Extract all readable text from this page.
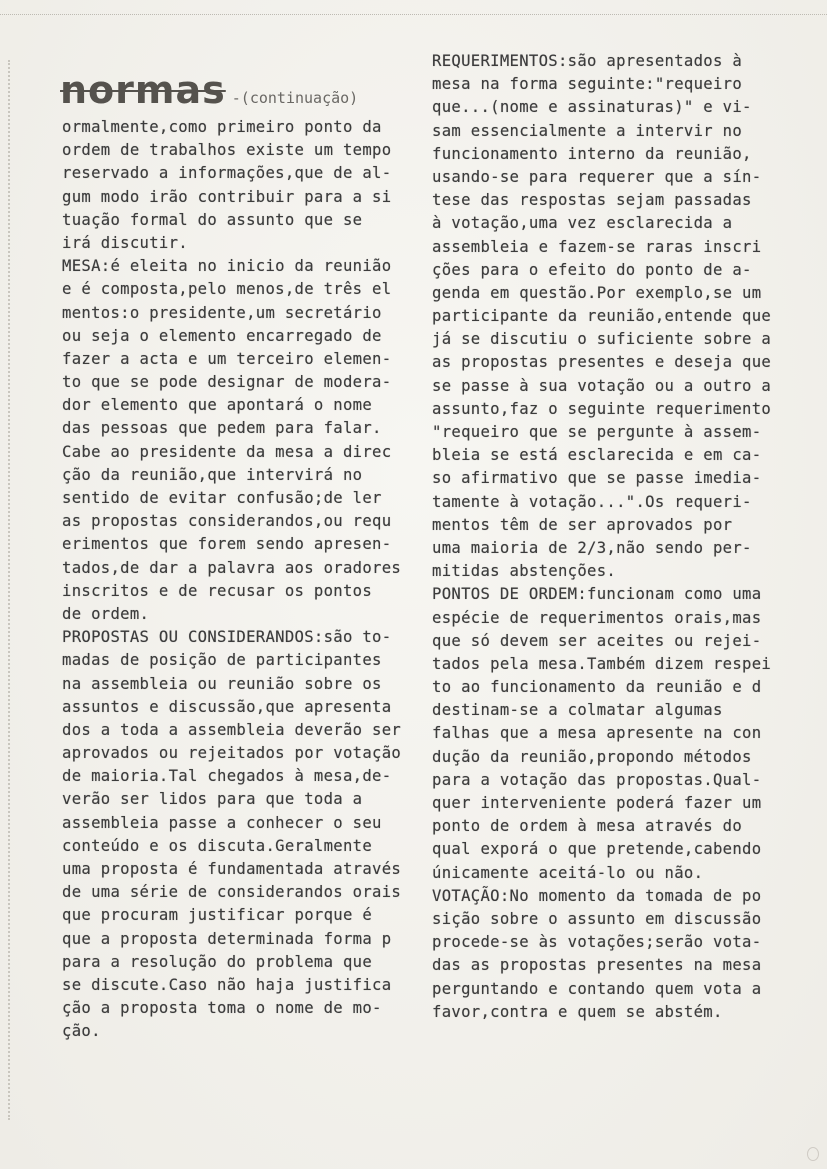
normas -(continuação)
ormalmente,como primeiro ponto da
ordem de trabalhos existe um tempo
reservado a informações,que de al-
gum modo irão contribuir para a si
tuação formal do assunto que se
irá discutir.
MESA:é eleita no inicio da reunião
e é composta,pelo menos,de três el
mentos:o presidente,um secretário
ou seja o elemento encarregado de
fazer a acta e um terceiro elemen-
to que se pode designar de modera-
dor elemento que apontará o nome
das pessoas que pedem para falar.
Cabe ao presidente da mesa a direc
ção da reunião,que intervirá no
sentido de evitar confusão;de ler
as propostas considerandos,ou requ
erimentos que forem sendo apresen-
tados,de dar a palavra aos oradores
inscritos e de recusar os pontos
de ordem.
PROPOSTAS OU CONSIDERANDOS:são to-
madas de posição de participantes
na assembleia ou reunião sobre os
assuntos e discussão,que apresenta
dos a toda a assembleia deverão ser
aprovados ou rejeitados por votação
de maioria.Tal chegados à mesa,de-
verão ser lidos para que toda a
assembleia passe a conhecer o seu
conteúdo e os discuta.Geralmente
uma proposta é fundamentada através
de uma série de considerandos orais
que procuram justificar porque é
que a proposta determinada forma p
para a resolução do problema que
se discute.Caso não haja justifica
ção a proposta toma o nome de mo-
ção.
REQUERIMENTOS:são apresentados à
mesa na forma seguinte:"requeiro
que...(nome e assinaturas)" e vi-
sam essencialmente a intervir no
funcionamento interno da reunião,
usando-se para requerer que a sín-
tese das respostas sejam passadas
à votação,uma vez esclarecida a
assembleia e fazem-se raras inscri
ções para o efeito do ponto de a-
genda em questão.Por exemplo,se um
participante da reunião,entende que
já se discutiu o suficiente sobre a
as propostas presentes e deseja que
se passe à sua votação ou a outro a
assunto,faz o seguinte requerimento
"requeiro que se pergunte à assem-
bleia se está esclarecida e em ca-
so afirmativo que se passe imedia-
tamente à votação...".Os requeri-
mentos têm de ser aprovados por
uma maioria de 2/3,não sendo per-
mitidas abstenções.
PONTOS DE ORDEM:funcionam como uma
espécie de requerimentos orais,mas
que só devem ser aceites ou rejei-
tados pela mesa.Também dizem respei
to ao funcionamento da reunião e d
destinam-se a colmatar algumas
falhas que a mesa apresente na con
dução da reunião,propondo métodos
para a votação das propostas.Qual-
quer interveniente poderá fazer um
ponto de ordem à mesa através do
qual exporá o que pretende,cabendo
únicamente aceitá-lo ou não.
VOTAÇÃO:No momento da tomada de po
sição sobre o assunto em discussão
procede-se às votações;serão vota-
das as propostas presentes na mesa
perguntando e contando quem vota a
favor,contra e quem se abstém.
